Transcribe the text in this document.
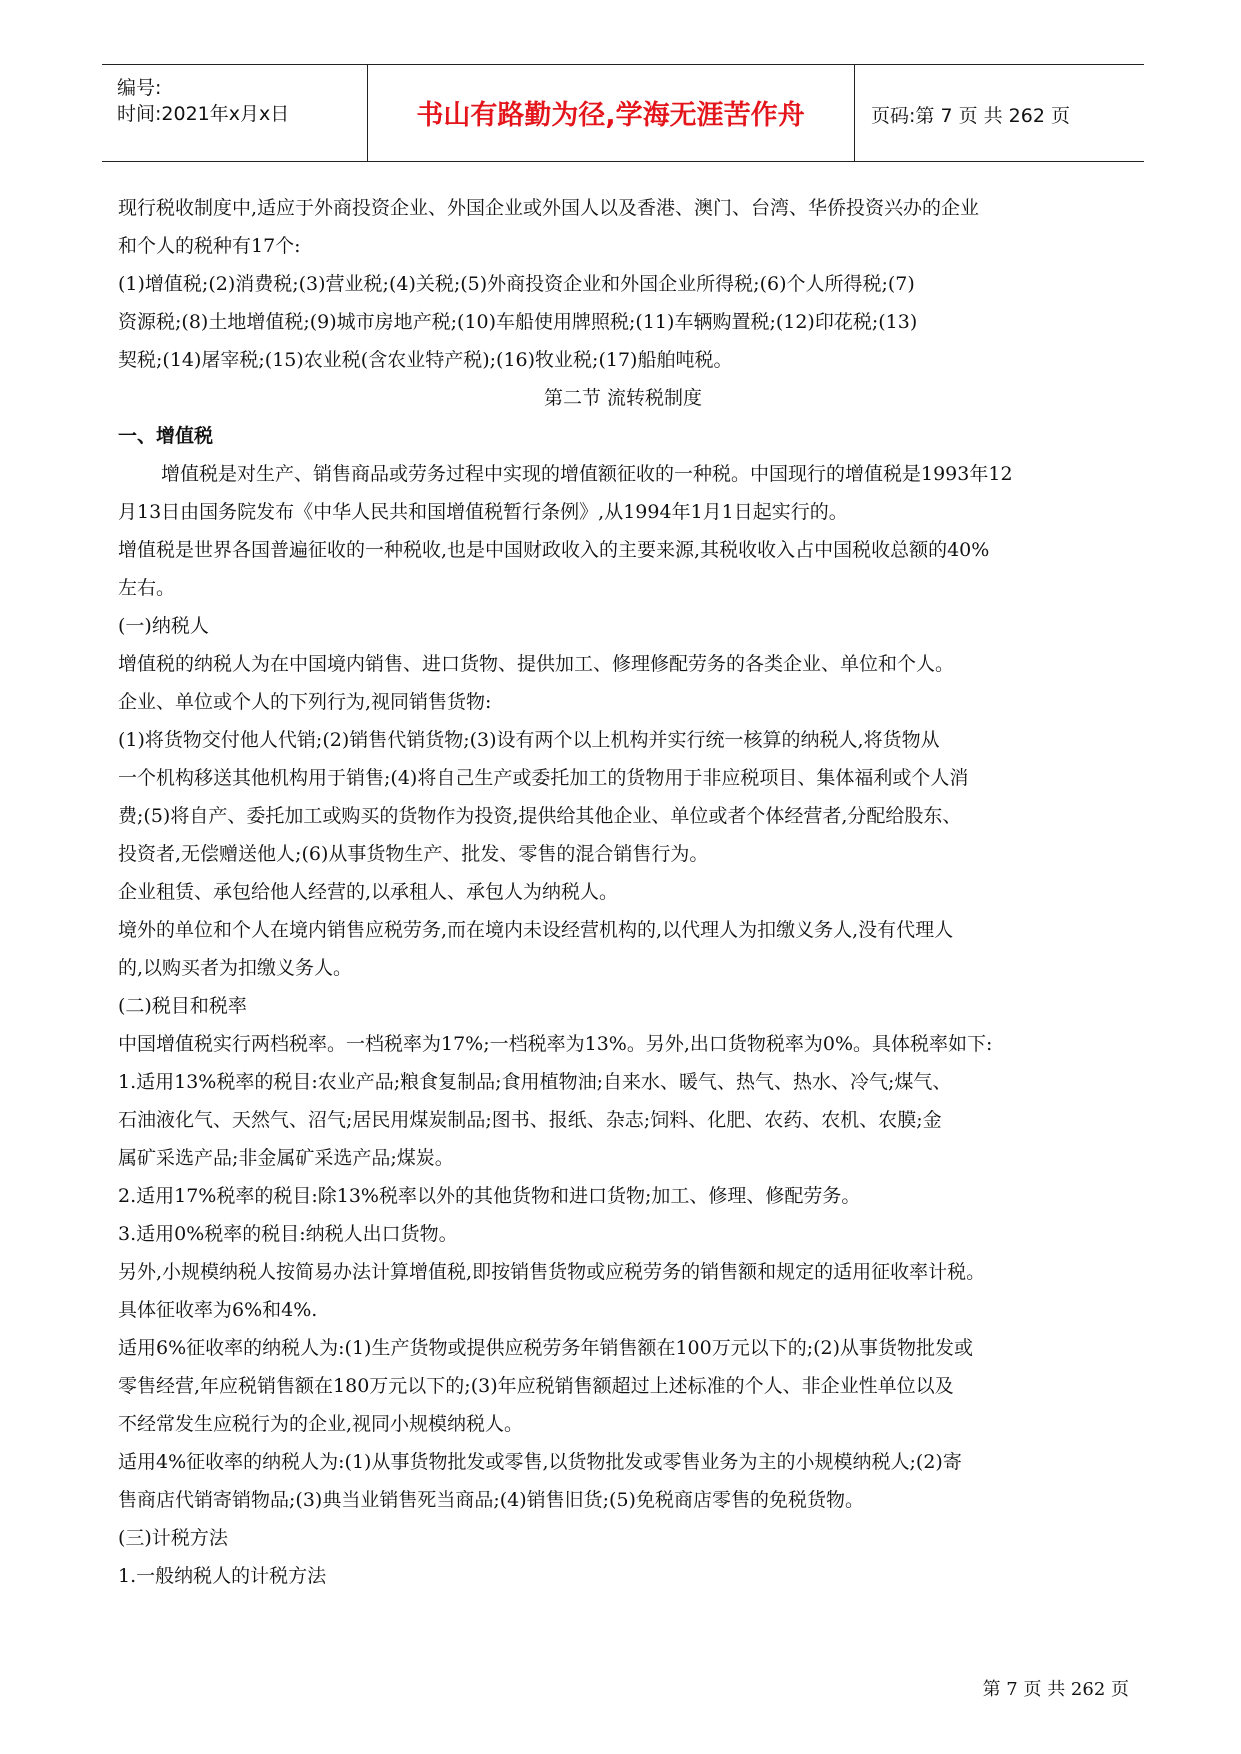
编号:
时间:2021年x月x日	书山有路勤为径,学海无涯苦作舟	页码:第 7 页 共 262 页

现行税收制度中,适应于外商投资企业、外国企业或外国人以及香港、澳门、台湾、华侨投资兴办的企业

和个人的税种有17个:

(1)增值税;(2)消费税;(3)营业税;(4)关税;(5)外商投资企业和外国企业所得税;(6)个人所得税;(7)

资源税;(8)土地增值税;(9)城市房地产税;(10)车船使用牌照税;(11)车辆购置税;(12)印花税;(13)

契税;(14)屠宰税;(15)农业税(含农业特产税);(16)牧业税;(17)船舶吨税。

第二节 流转税制度

一、增值税

增值税是对生产、销售商品或劳务过程中实现的增值额征收的一种税。中国现行的增值税是1993年12

月13日由国务院发布《中华人民共和国增值税暂行条例》,从1994年1月1日起实行的。

增值税是世界各国普遍征收的一种税收,也是中国财政收入的主要来源,其税收收入占中国税收总额的40%

左右。

(一)纳税人

增值税的纳税人为在中国境内销售、进口货物、提供加工、修理修配劳务的各类企业、单位和个人。

企业、单位或个人的下列行为,视同销售货物:

(1)将货物交付他人代销;(2)销售代销货物;(3)设有两个以上机构并实行统一核算的纳税人,将货物从

一个机构移送其他机构用于销售;(4)将自己生产或委托加工的货物用于非应税项目、集体福利或个人消

费;(5)将自产、委托加工或购买的货物作为投资,提供给其他企业、单位或者个体经营者,分配给股东、

投资者,无偿赠送他人;(6)从事货物生产、批发、零售的混合销售行为。

企业租赁、承包给他人经营的,以承租人、承包人为纳税人。

境外的单位和个人在境内销售应税劳务,而在境内未设经营机构的,以代理人为扣缴义务人,没有代理人

的,以购买者为扣缴义务人。

(二)税目和税率

中国增值税实行两档税率。一档税率为17%;一档税率为13%。另外,出口货物税率为0%。具体税率如下:

1.适用13%税率的税目:农业产品;粮食复制品;食用植物油;自来水、暖气、热气、热水、冷气;煤气、

石油液化气、天然气、沼气;居民用煤炭制品;图书、报纸、杂志;饲料、化肥、农药、农机、农膜;金

属矿采选产品;非金属矿采选产品;煤炭。

2.适用17%税率的税目:除13%税率以外的其他货物和进口货物;加工、修理、修配劳务。

3.适用0%税率的税目:纳税人出口货物。

另外,小规模纳税人按简易办法计算增值税,即按销售货物或应税劳务的销售额和规定的适用征收率计税。

具体征收率为6%和4%.

适用6%征收率的纳税人为:(1)生产货物或提供应税劳务年销售额在100万元以下的;(2)从事货物批发或

零售经营,年应税销售额在180万元以下的;(3)年应税销售额超过上述标准的个人、非企业性单位以及

不经常发生应税行为的企业,视同小规模纳税人。

适用4%征收率的纳税人为:(1)从事货物批发或零售,以货物批发或零售业务为主的小规模纳税人;(2)寄

售商店代销寄销物品;(3)典当业销售死当商品;(4)销售旧货;(5)免税商店零售的免税货物。

(三)计税方法

1.一般纳税人的计税方法

第 7 页 共 262 页
